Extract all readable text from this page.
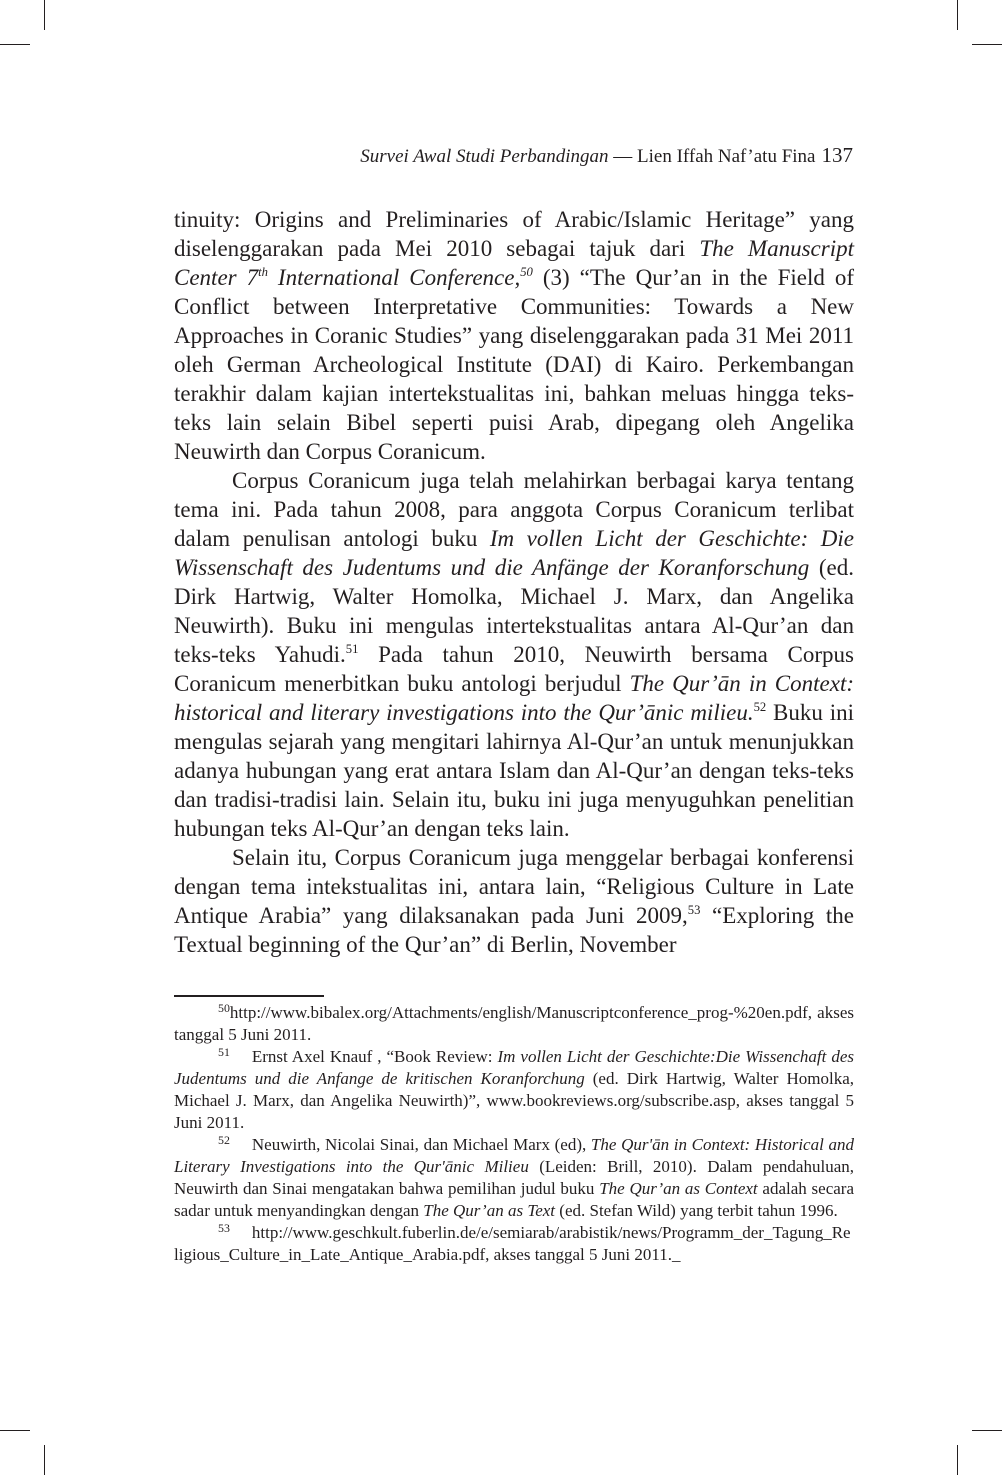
Survei Awal Studi Perbandingan — Lien Iffah Naf’atu Fina 137

tinuity: Origins and Preliminaries of Arabic/Islamic Heritage” yang diselenggarakan pada Mei 2010 sebagai tajuk dari The Manuscript Center 7th International Conference,$^{50}$ (3) “The Qur’an in the Field of Conflict between Interpretative Communities: Towards a New Approaches in Coranic Studies” yang diselenggarakan pada 31 Mei 2011 oleh German Archeological Institute (DAI) di Kairo. Perkembangan terakhir dalam kajian intertekstualitas ini, bahkan meluas hingga teks-teks lain selain Bibel seperti puisi Arab, dipegang oleh Angelika Neuwirth dan Corpus Coranicum.

Corpus Coranicum juga telah melahirkan berbagai karya tentang tema ini. Pada tahun 2008, para anggota Corpus Coranicum terlibat dalam penulisan antologi buku Im vollen Licht der Geschichte: Die Wissenschaft des Judentums und die Anfänge der Koranforschung (ed. Dirk Hartwig, Walter Homolka, Michael J. Marx, dan Angelika Neuwirth). Buku ini mengulas intertekstualitas antara Al-Qur’an dan teks-teks Yahudi.$^{51}$ Pada tahun 2010, Neuwirth bersama Corpus Coranicum menerbitkan buku antologi berjudul The Qur’ān in Context: historical and literary investigations into the Qur’ānic milieu.$^{52}$ Buku ini mengulas sejarah yang mengitari lahirnya Al-Qur’an untuk menunjukkan adanya hubungan yang erat antara Islam dan Al-Qur’an dengan teks-teks dan tradisi-tradisi lain. Selain itu, buku ini juga menyuguhkan penelitian hubungan teks Al-Qur’an dengan teks lain.

Selain itu, Corpus Coranicum juga menggelar berbagai konferensi dengan tema intekstualitas ini, antara lain, “Religious Culture in Late Antique Arabia” yang dilaksanakan pada Juni 2009,53 “Exploring the Textual beginning of the Qur’an” di Berlin, November

$^{50}$http://www.bibalex.org/Attachments/english/Manuscriptconference_prog-%20en.pdf, akses tanggal 5 Juni 2011.

$^{51}$ Ernst Axel Knauf , “Book Review: Im vollen Licht der Geschichte:Die Wissenchaft des Judentums und die Anfange de kritischen Koranforchung (ed. Dirk Hartwig, Walter Homolka, Michael J. Marx, dan Angelika Neuwirth)”, www.bookreviews.org/subscribe.asp, akses tanggal 5 Juni 2011.

$^{52}$ Neuwirth, Nicolai Sinai, dan Michael Marx (ed), The Qur'ān in Context: Historical and Literary Investigations into the Qur'ānic Milieu (Leiden: Brill, 2010). Dalam pendahuluan, Neuwirth dan Sinai mengatakan bahwa pemilihan judul buku The Qur’an as Context adalah secara sadar untuk menyandingkan dengan The Qur’an as Text (ed. Stefan Wild) yang terbit tahun 1996.

$^{53}$ http://www.geschkult.fuberlin.de/e/semiarab/arabistik/news/Programm_der_Tagung_Religious_Culture_in_Late_Antique_Arabia.pdf, akses tanggal 5 Juni 2011._
